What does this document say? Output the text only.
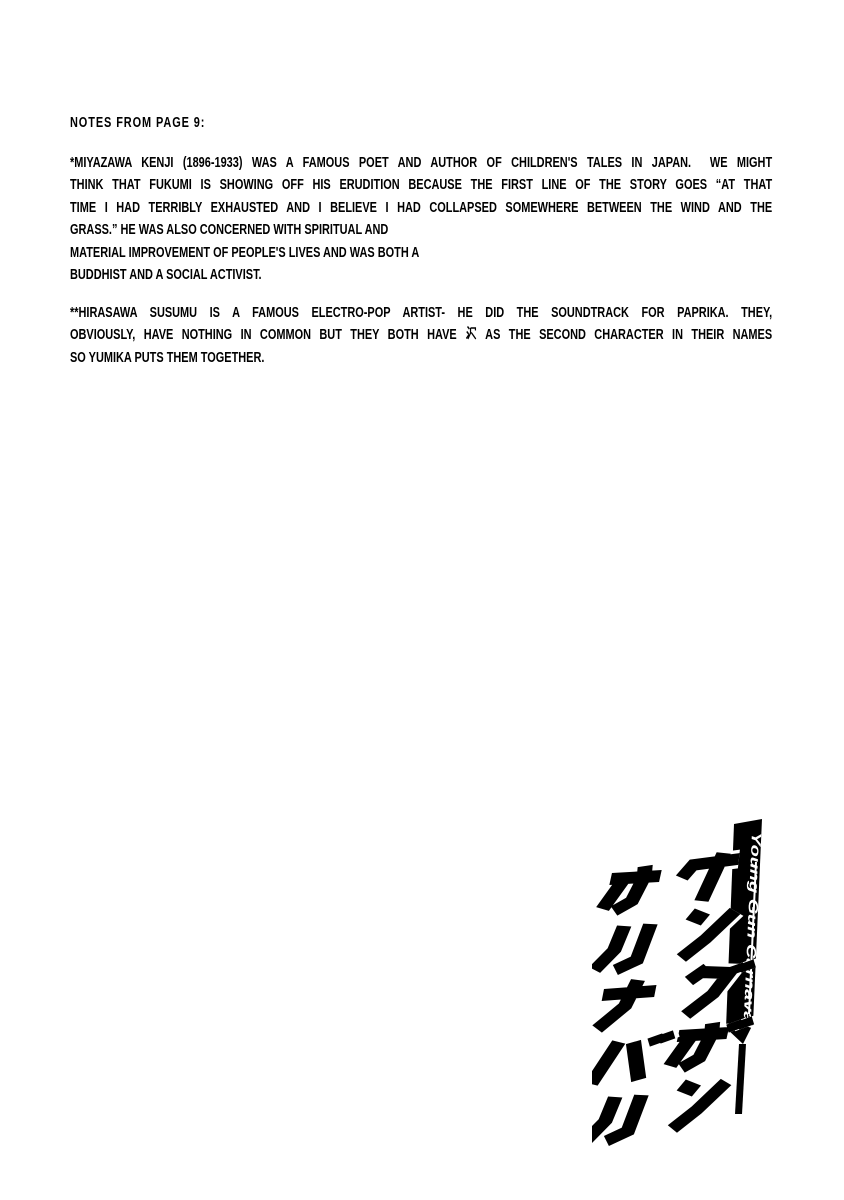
NOTES FROM PAGE 9:
*MIYAZAWA KENJI (1896-1933) WAS A FAMOUS POET AND AUTHOR OF CHILDREN'S TALES IN JAPAN.  WE MIGHT
THINK THAT FUKUMI IS SHOWING OFF HIS ERUDITION BECAUSE THE FIRST LINE OF THE STORY GOES “AT THAT
TIME I HAD TERRIBLY EXHAUSTED AND I BELIEVE I HAD COLLAPSED SOMEWHERE BETWEEN THE WIND AND THE
GRASS.” HE WAS ALSO CONCERNED WITH SPIRITUAL AND
MATERIAL IMPROVEMENT OF PEOPLE'S LIVES AND WAS BOTH A
BUDDHIST AND A SOCIAL ACTIVIST.
**HIRASAWA SUSUMU IS A FAMOUS ELECTRO-POP ARTIST- HE DID THE SOUNDTRACK FOR PAPRIKA. THEY,
OBVIOUSLY, HAVE NOTHING IN COMMON BUT THEY BOTH HAVE AS THE SECOND CHARACTER IN THEIR NAMES
SO YUMIKA PUTS THEM TOGETHER.
Young Gun Carnaval
